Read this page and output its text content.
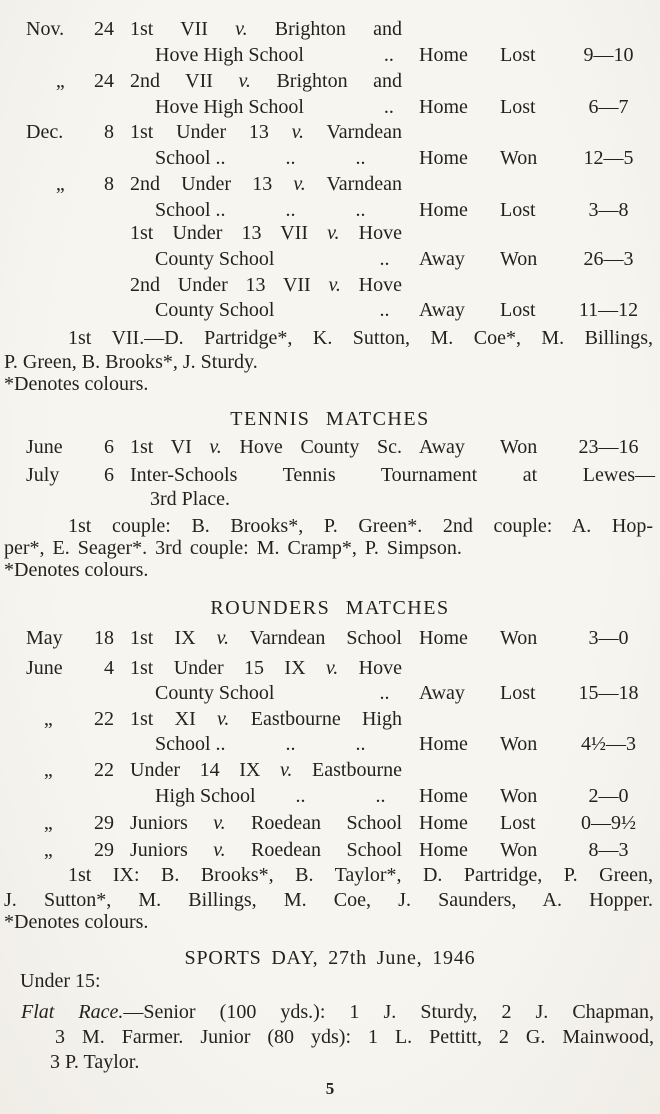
Nov.	24 1st VII v. Brighton and
Hove High School                .. Home Lost	9—10
,,	24 2nd VII v. Brighton and
Hove High School                .. Home Lost	6—7
Dec.	8 1st Under 13 v. Varndean
School ..            ..            ..	Home Won	12—5
,,	8 2nd Under 13 v. Varndean
School ..            ..            ..	Home Lost	3—8
1st Under 13 VII v. Hove
County School                     .. Away Won	26—3
2nd Under 13 VII v. Hove
County School                     .. Away Lost	11—12
1st VII.—D. Partridge*, K. Sutton, M. Coe*, M. Billings,
P. Green, B. Brooks*, J. Sturdy.
*Denotes colours.
TENNIS MATCHES
June	6 1st VI v. Hove County Sc. Away Won	23—16
July	6 Inter-Schools Tennis Tournament at Lewes—
3rd Place.
1st couple: B. Brooks*, P. Green*. 2nd couple: A. Hop-
per*, E. Seager*. 3rd couple: M. Cramp*, P. Simpson.
*Denotes colours.
ROUNDERS MATCHES
May	18 1st IX v. Varndean School Home Won	3—0
June	4 1st Under 15 IX v. Hove
County School                     .. Away Lost	15—18
,,	22 1st XI v. Eastbourne High
School ..            ..            ..	Home Won	4½—3
,,	22 Under 14 IX v. Eastbourne
High School        ..              .. Home Won	2—0
,,	29 Juniors v. Roedean School Home Lost	0—9½
,,	29 Juniors v. Roedean School Home Won	8—3
1st IX: B. Brooks*, B. Taylor*, D. Partridge, P. Green,
J. Sutton*, M. Billings, M. Coe, J. Saunders, A. Hopper.
*Denotes colours.
SPORTS DAY, 27th June, 1946
Under 15:
Flat Race.—Senior (100 yds.): 1 J. Sturdy, 2 J. Chapman,
3 M. Farmer. Junior (80 yds): 1 L. Pettitt, 2 G. Mainwood,
3 P. Taylor.
5
